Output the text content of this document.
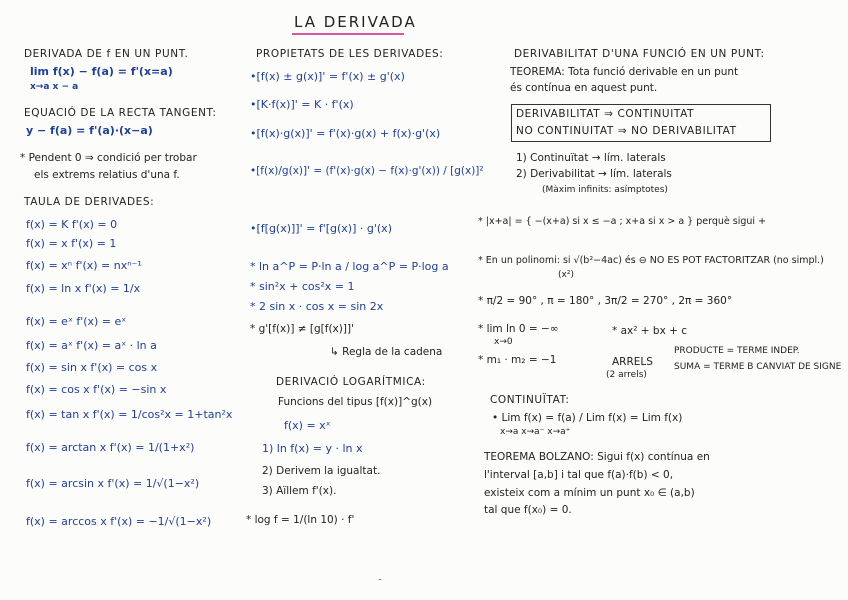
LA DERIVADA
DERIVADA DE f EN UN PUNT.
lim f(x) − f(a) = f'(x=a)
x→a x − a
EQUACIÓ DE LA RECTA TANGENT:
y − f(a) = f'(a)·(x−a)
* Pendent 0 ⇒ condició per trobar
els extrems relatius d'una f.
TAULA DE DERIVADES:
f(x) = K f'(x) = 0
f(x) = x f'(x) = 1
f(x) = xⁿ f'(x) = nxⁿ⁻¹
f(x) = ln x f'(x) = 1/x
f(x) = eˣ f'(x) = eˣ
f(x) = aˣ f'(x) = aˣ · ln a
f(x) = sin x f'(x) = cos x
f(x) = cos x f'(x) = −sin x
f(x) = tan x f'(x) = 1/cos²x = 1+tan²x
f(x) = arctan x f'(x) = 1/(1+x²)
f(x) = arcsin x f'(x) = 1/√(1−x²)
f(x) = arccos x f'(x) = −1/√(1−x²)
PROPIETATS DE LES DERIVADES:
•[f(x) ± g(x)]' = f'(x) ± g'(x)
•[K·f(x)]' = K · f'(x)
•[f(x)·g(x)]' = f'(x)·g(x) + f(x)·g'(x)
•[f(x)/g(x)]' = (f'(x)·g(x) − f(x)·g'(x)) / [g(x)]²
•[f[g(x)]]' = f'[g(x)] · g'(x)
* ln a^P = P·ln a / log a^P = P·log a
* sin²x + cos²x = 1
* 2 sin x · cos x = sin 2x
* g'[f(x)] ≠ [g[f(x)]]'
↳ Regla de la cadena
DERIVACIÓ LOGARÍTMICA:
Funcions del tipus [f(x)]^g(x)
f(x) = xˣ
1) ln f(x) = y · ln x
2) Derivem la igualtat.
3) Aïllem f'(x).
* log f = 1/(ln 10) · f'
DERIVABILITAT D'UNA FUNCIÓ EN UN PUNT:
TEOREMA: Tota funció derivable en un punt
és contínua en aquest punt.
DERIVABILITAT ⇒ CONTINUITAT
NO CONTINUITAT ⇒ NO DERIVABILITAT
1) Continuïtat → lím. laterals
2) Derivabilitat → lím. laterals
(Màxim infinits: asímptotes)
* |x+a| = { −(x+a) si x ≤ −a ; x+a si x > a } perquè sigui +
* En un polinomi: si √(b²−4ac) és ⊖ NO ES POT FACTORITZAR (no simpl.)
(x²)
* π/2 = 90° , π = 180° , 3π/2 = 270° , 2π = 360°
* lim ln 0 = −∞
x→0
* m₁ · m₂ = −1
* ax² + bx + c
ARRELS
(2 arrels)
PRODUCTE = TERME INDEP.
SUMA = TERME B CANVIAT DE SIGNE
CONTINUÏTAT:
• Lim f(x) = f(a) / Lim f(x) = Lim f(x)
x→a x→a⁻ x→a⁺
TEOREMA BOLZANO: Sigui f(x) contínua en
l'interval [a,b] i tal que f(a)·f(b) < 0,
existeix com a mínim un punt x₀ ∈ (a,b)
tal que f(x₀) = 0.
ˉ
